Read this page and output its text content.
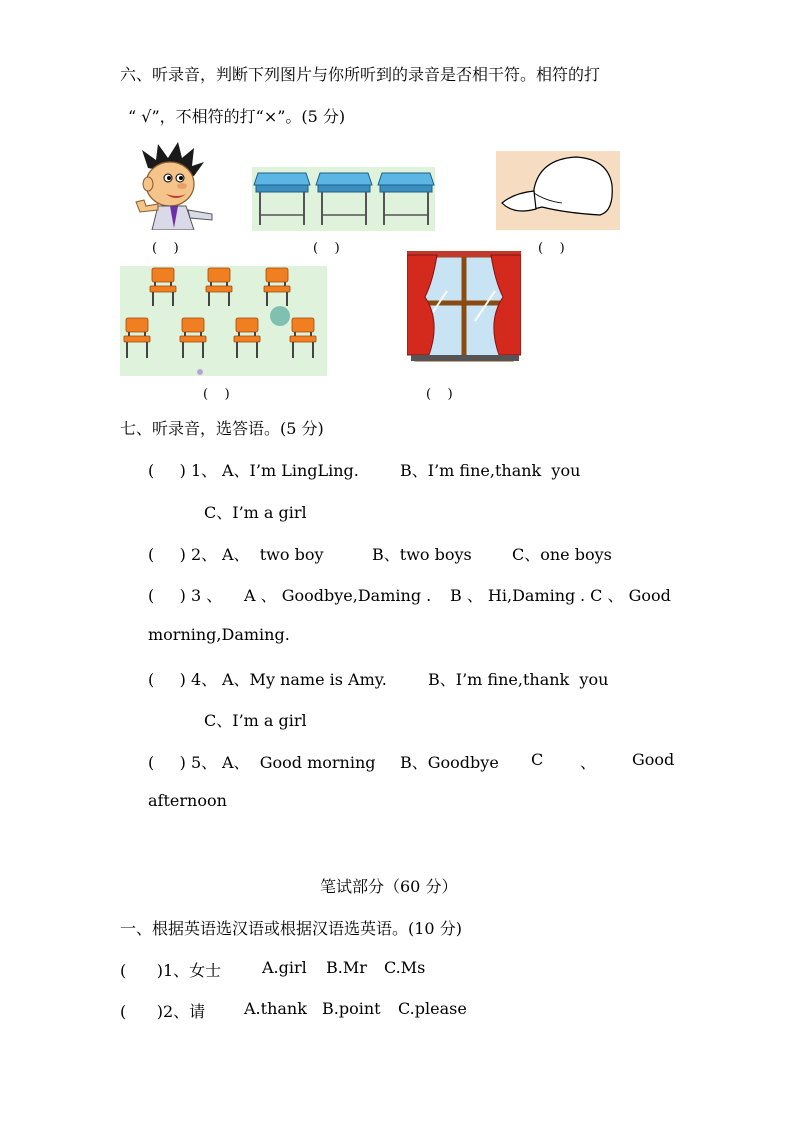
六、听录音，判断下列图片与你所听到的录音是否相干符。相符的打
“ √”，不相符的打“×”。(5 分)
(    )	(    )	(    )
(    )	(    )
七、听录音，选答语。(5 分)
(     ) 1、 A、I’m LingLing.	B、I’m fine,thank  you
C、I’m a girl
(     ) 2、 A、  two boy	B、two boys	C、one boys
(     ) 3 、 A 、 Goodbye,Daming . B 、 Hi,Daming . C 、 Good
morning,Daming.
(     ) 4、 A、My name is Amy.	B、I’m fine,thank  you
C、I’m a girl
(     ) 5、 A、  Good morning B、Goodbye C 、 Good
afternoon
笔试部分（60 分）
一、根据英语选汉语或根据汉语选英语。(10 分)
(      )1、女士	A.girl B.Mr C.Ms
(      )2、请 A.thank B.point C.please
